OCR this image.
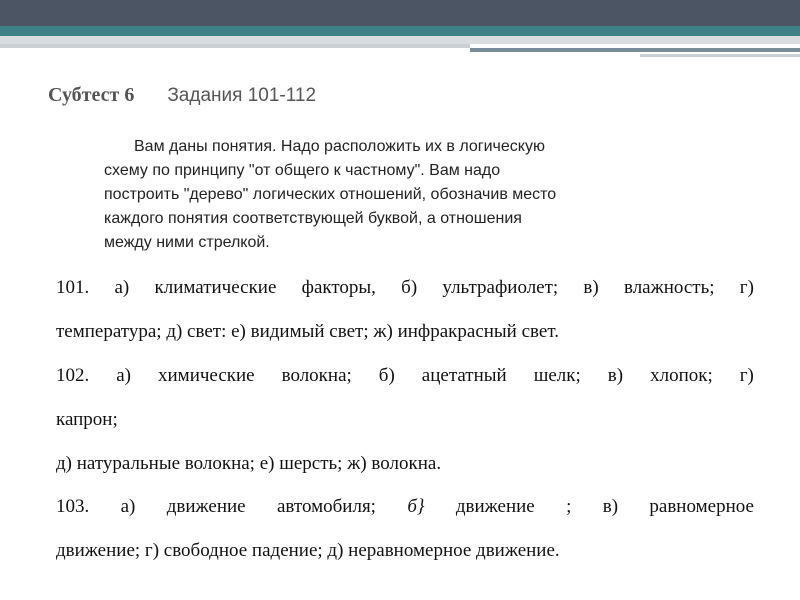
Субтест 6 Задания 101-112
Вам даны понятия. Надо расположить их в логическую
схему по принципу "от общего к частному". Вам надо
построить "дерево" логических отношений, обозначив место
каждого понятия соответствующей буквой, а отношения
между ними стрелкой.
101. а) климатические факторы, б) ультрафиолет; в) влажность; г)
температура; д) свет: е) видимый свет; ж) инфракрасный свет.
102. а) химические волокна; б) ацетатный шелк; в) хлопок; г)
капрон;
д) натуральные волокна; е) шерсть; ж) волокна.
103. а) движение автомобиля; б} движение ; в) равномерное
движение; г) свободное падение; д) неравномерное движение.
